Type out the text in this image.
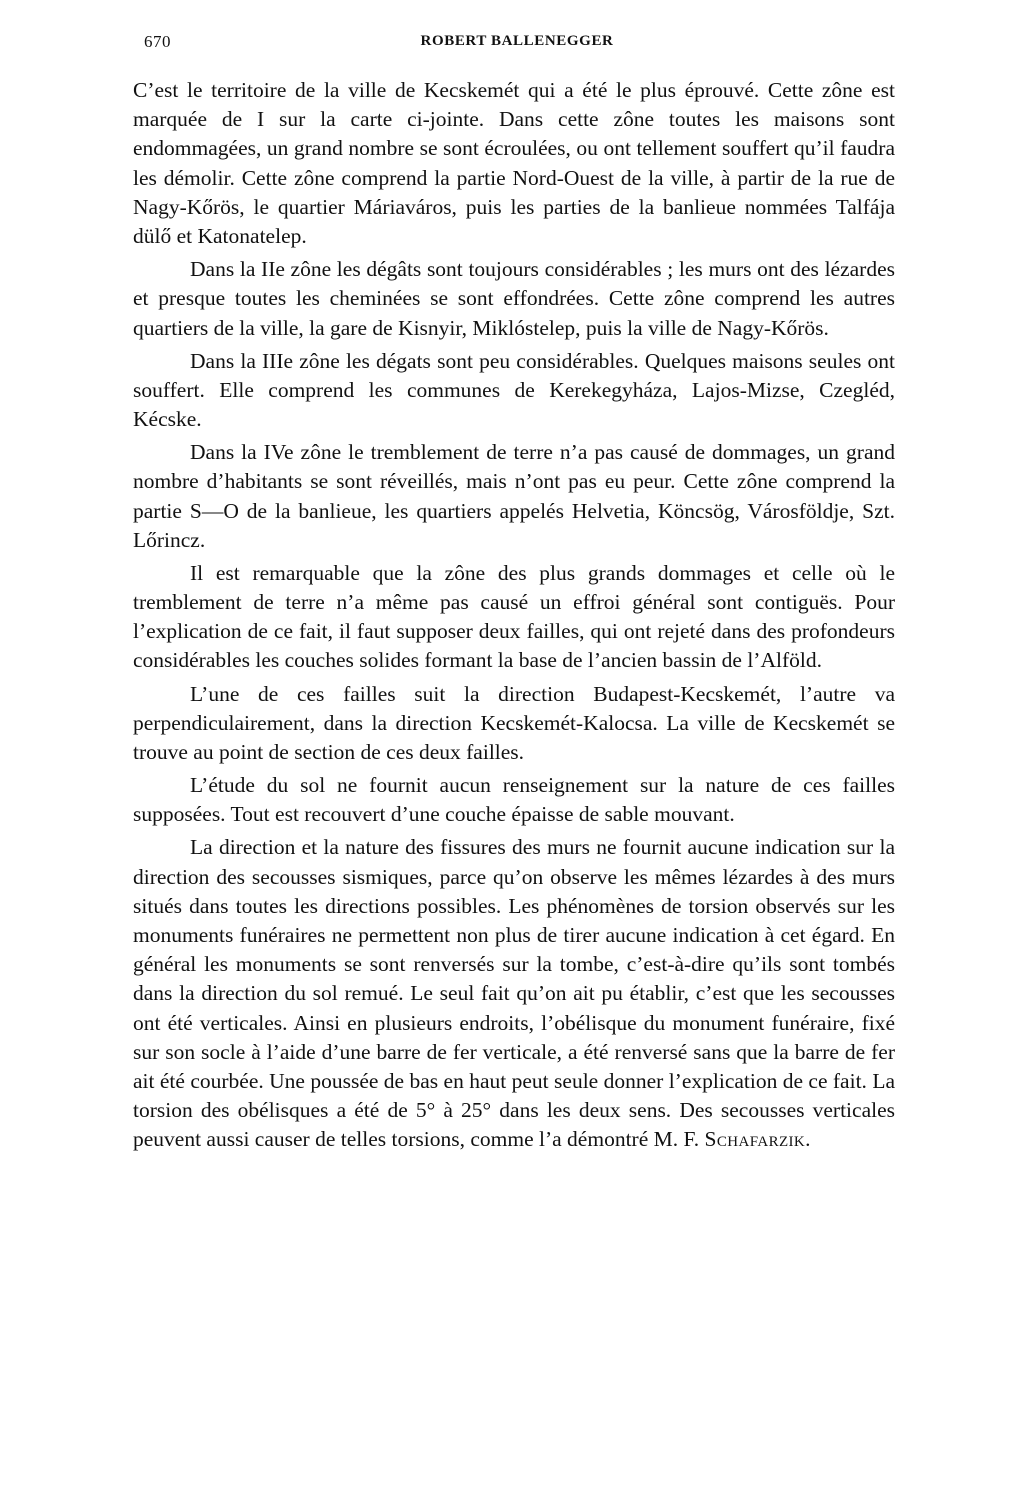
670	ROBERT BALLENEGGER

C’est le territoire de la ville de Kecskemét qui a été le plus éprouvé. Cette zône est marquée de I sur la carte ci-jointe. Dans cette zône toutes les maisons sont endommagées, un grand nombre se sont écroulées, ou ont tellement souffert qu’il faudra les démolir. Cette zône comprend la partie Nord-Ouest de la ville, à partir de la rue de Nagy-Kőrös, le quartier Máriaváros, puis les parties de la banlieue nommées Talfája dülő et Katonatelep.

Dans la IIe zône les dégâts sont toujours considérables ; les murs ont des lézardes et presque toutes les cheminées se sont effondrées. Cette zône comprend les autres quartiers de la ville, la gare de Kisnyir, Miklóstelep, puis la ville de Nagy-Kőrös.

Dans la IIIe zône les dégats sont peu considérables. Quelques maisons seules ont souffert. Elle comprend les communes de Kerekegyháza, Lajos-Mizse, Czegléd, Kécske.

Dans la IVe zône le tremblement de terre n’a pas causé de dommages, un grand nombre d’habitants se sont réveillés, mais n’ont pas eu peur. Cette zône comprend la partie S—O de la banlieue, les quartiers appelés Helvetia, Köncsög, Városföldje, Szt. Lőrincz.

Il est remarquable que la zône des plus grands dommages et celle où le tremblement de terre n’a même pas causé un effroi général sont contiguës. Pour l’explication de ce fait, il faut supposer deux failles, qui ont rejeté dans des profondeurs considérables les couches solides formant la base de l’ancien bassin de l’Alföld.

L’une de ces failles suit la direction Budapest-Kecskemét, l’autre va perpendiculairement, dans la direction Kecskemét-Kalocsa. La ville de Kecskemét se trouve au point de section de ces deux failles.

L’étude du sol ne fournit aucun renseignement sur la nature de ces failles supposées. Tout est recouvert d’une couche épaisse de sable mouvant.

La direction et la nature des fissures des murs ne fournit aucune indication sur la direction des secousses sismiques, parce qu’on observe les mêmes lézardes à des murs situés dans toutes les directions possibles. Les phénomènes de torsion observés sur les monuments funéraires ne permettent non plus de tirer aucune indication à cet égard. En général les monuments se sont renversés sur la tombe, c’est-à-dire qu’ils sont tombés dans la direction du sol remué. Le seul fait qu’on ait pu établir, c’est que les secousses ont été verticales. Ainsi en plusieurs endroits, l’obélisque du monument funéraire, fixé sur son socle à l’aide d’une barre de fer verticale, a été renversé sans que la barre de fer ait été courbée. Une poussée de bas en haut peut seule donner l’explication de ce fait. La torsion des obélisques a été de 5° à 25° dans les deux sens. Des secousses verticales peuvent aussi causer de telles torsions, comme l’a démontré M. F. Schafarzik.
